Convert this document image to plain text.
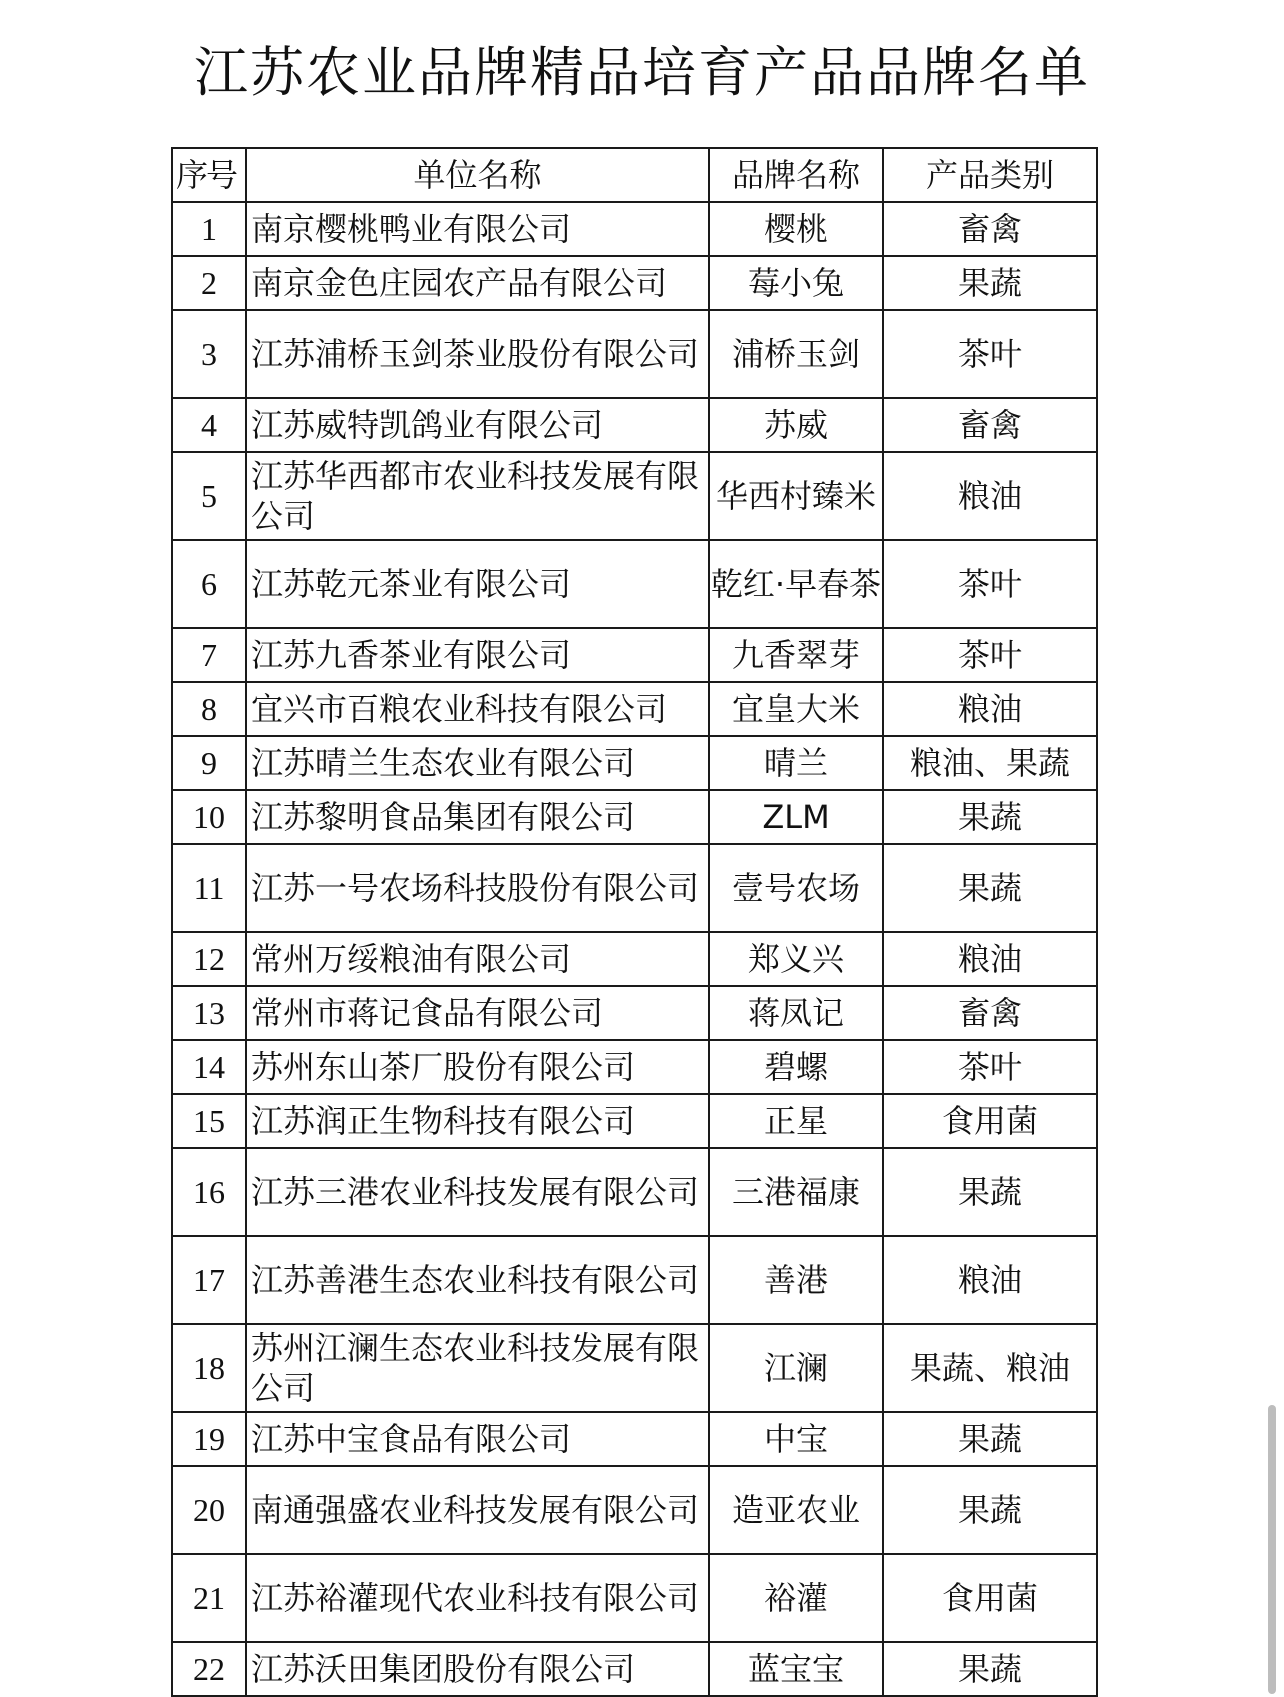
江苏农业品牌精品培育产品品牌名单
序号	单位名称	品牌名称	产品类别
1	南京樱桃鸭业有限公司	樱桃	畜禽
2	南京金色庄园农产品有限公司	莓小兔	果蔬
3	江苏浦桥玉剑茶业股份有限公司	浦桥玉剑	茶叶
4	江苏威特凯鸽业有限公司	苏威	畜禽
5	江苏华西都市农业科技发展有限公司	华西村臻米	粮油
6	江苏乾元茶业有限公司	乾红·早春茶	茶叶
7	江苏九香茶业有限公司	九香翠芽	茶叶
8	宜兴市百粮农业科技有限公司	宜皇大米	粮油
9	江苏晴兰生态农业有限公司	晴兰	粮油、果蔬
10	江苏黎明食品集团有限公司	ZLM	果蔬
11	江苏一号农场科技股份有限公司	壹号农场	果蔬
12	常州万绥粮油有限公司	郑义兴	粮油
13	常州市蒋记食品有限公司	蒋凤记	畜禽
14	苏州东山茶厂股份有限公司	碧螺	茶叶
15	江苏润正生物科技有限公司	正星	食用菌
16	江苏三港农业科技发展有限公司	三港福康	果蔬
17	江苏善港生态农业科技有限公司	善港	粮油
18	苏州江澜生态农业科技发展有限公司	江澜	果蔬、粮油
19	江苏中宝食品有限公司	中宝	果蔬
20	南通强盛农业科技发展有限公司	造亚农业	果蔬
21	江苏裕灌现代农业科技有限公司	裕灌	食用菌
22	江苏沃田集团股份有限公司	蓝宝宝	果蔬
